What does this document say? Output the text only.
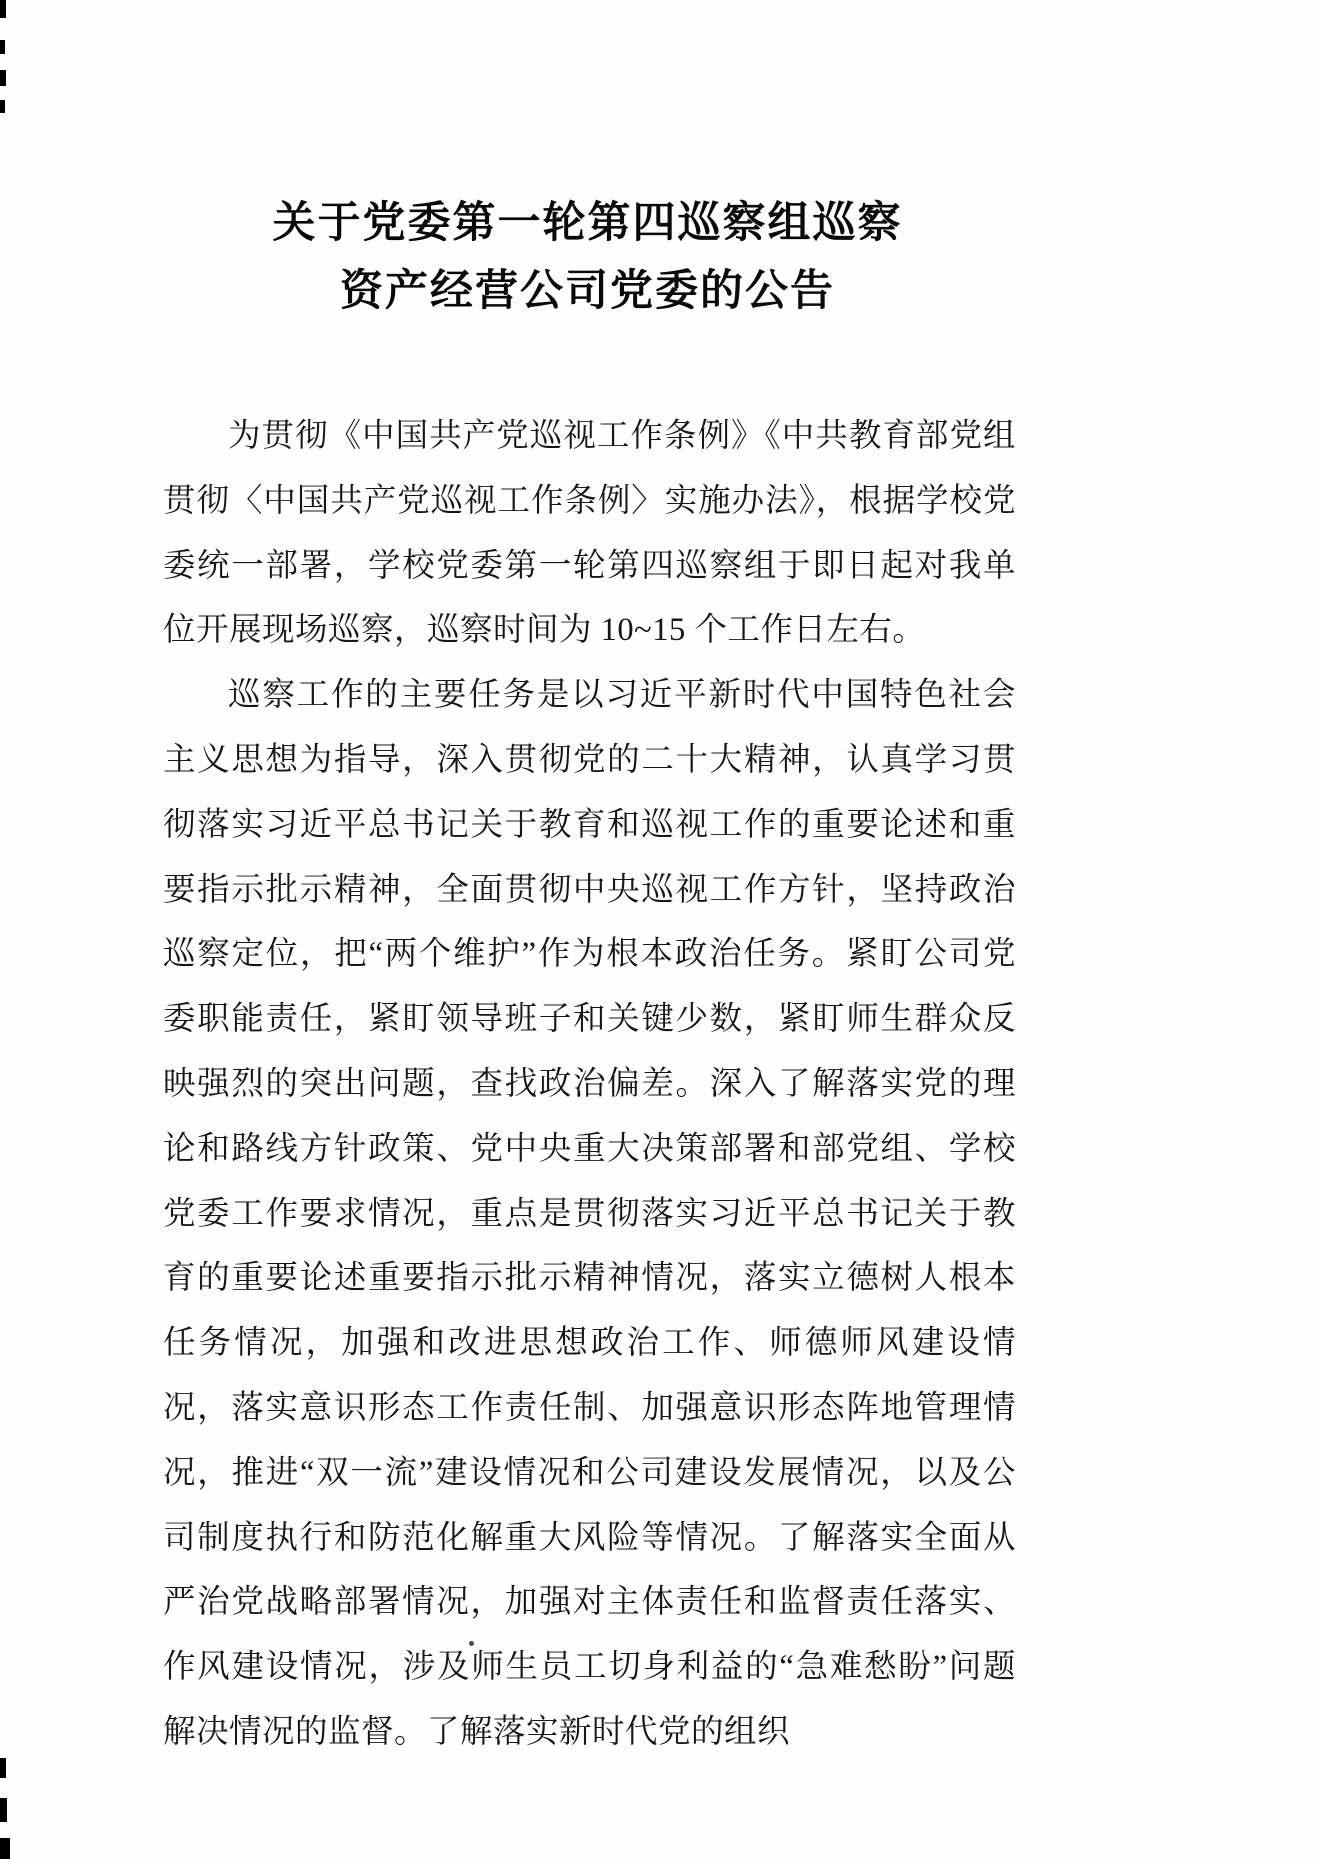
关于党委第一轮第四巡察组巡察
资产经营公司党委的公告

为贯彻《中国共产党巡视工作条例》《中共教育部党组贯彻〈中国共产党巡视工作条例〉实施办法》，根据学校党委统一部署，学校党委第一轮第四巡察组于即日起对我单位开展现场巡察，巡察时间为 10~15 个工作日左右。

巡察工作的主要任务是以习近平新时代中国特色社会主义思想为指导，深入贯彻党的二十大精神，认真学习贯彻落实习近平总书记关于教育和巡视工作的重要论述和重要指示批示精神，全面贯彻中央巡视工作方针，坚持政治巡察定位，把“两个维护”作为根本政治任务。紧盯公司党委职能责任，紧盯领导班子和关键少数，紧盯师生群众反映强烈的突出问题，查找政治偏差。深入了解落实党的理论和路线方针政策、党中央重大决策部署和部党组、学校党委工作要求情况，重点是贯彻落实习近平总书记关于教育的重要论述重要指示批示精神情况，落实立德树人根本任务情况，加强和改进思想政治工作、师德师风建设情况，落实意识形态工作责任制、加强意识形态阵地管理情况，推进“双一流”建设情况和公司建设发展情况，以及公司制度执行和防范化解重大风险等情况。了解落实全面从严治党战略部署情况，加强对主体责任和监督责任落实、作风建设情况，涉及师生员工切身利益的“急难愁盼”问题解决情况的监督。了解落实新时代党的组织
